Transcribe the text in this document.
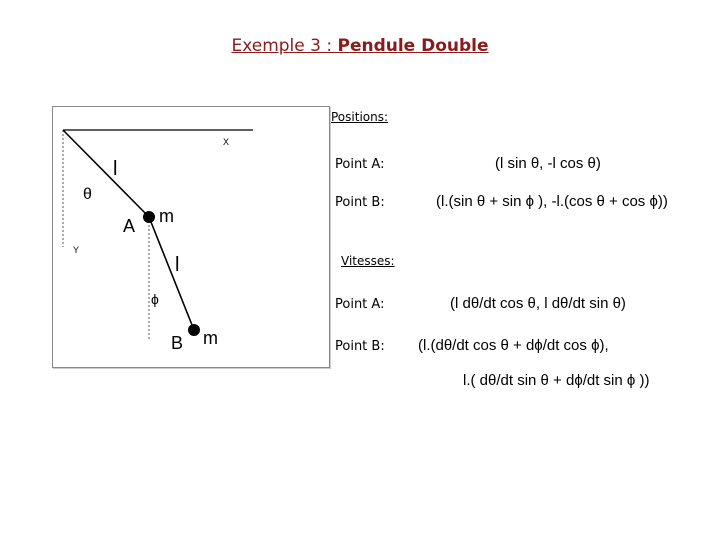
Exemple 3 : Pendule Double
X
Y
l
θ
A m
l
ϕ
B m
Positions:
Point A:	(l sin θ, -l cos θ)
Point B:	(l.(sin θ + sin ϕ ), -l.(cos θ + cos ϕ))
Vitesses:
Point A:	(l dθ/dt cos θ, l dθ/dt sin θ)
Point B: (l.(dθ/dt cos θ + dϕ/dt cos ϕ),
l.( dθ/dt sin θ + dϕ/dt sin ϕ ))
